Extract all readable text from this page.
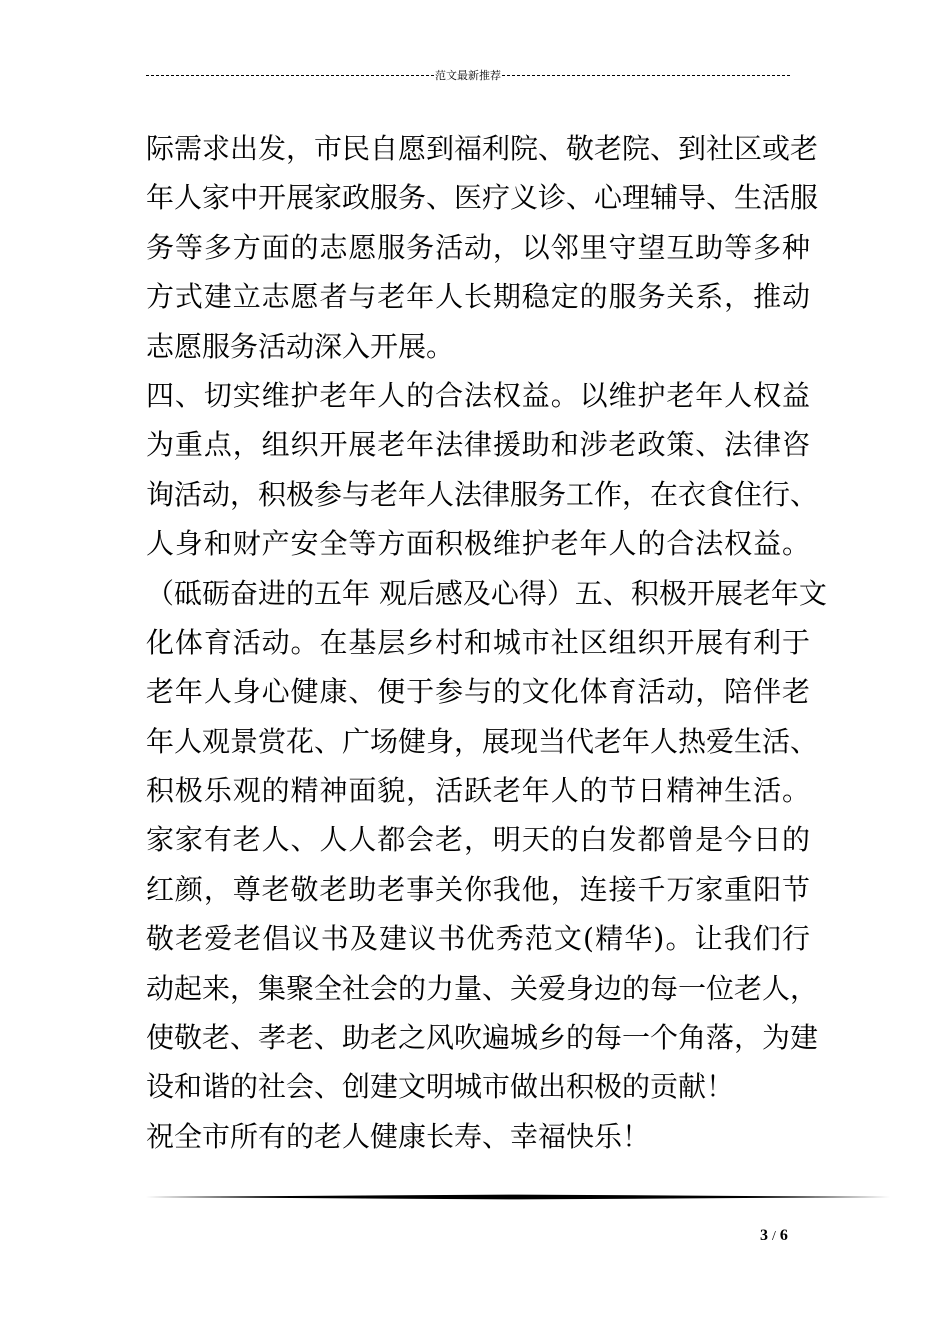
范文最新推荐
际需求出发，市民自愿到福利院、敬老院、到社区或老
年人家中开展家政服务、医疗义诊、心理辅导、生活服
务等多方面的志愿服务活动，以邻里守望互助等多种
方式建立志愿者与老年人长期稳定的服务关系，推动
志愿服务活动深入开展。
四、切实维护老年人的合法权益。以维护老年人权益
为重点，组织开展老年法律援助和涉老政策、法律咨
询活动，积极参与老年人法律服务工作，在衣食住行、
人身和财产安全等方面积极维护老年人的合法权益。
（砥砺奋进的五年 观后感及心得）五、积极开展老年文
化体育活动。在基层乡村和城市社区组织开展有利于
老年人身心健康、便于参与的文化体育活动，陪伴老
年人观景赏花、广场健身，展现当代老年人热爱生活、
积极乐观的精神面貌，活跃老年人的节日精神生活。
家家有老人、人人都会老，明天的白发都曾是今日的
红颜，尊老敬老助老事关你我他，连接千万家重阳节
敬老爱老倡议书及建议书优秀范文(精华)。让我们行
动起来，集聚全社会的力量、关爱身边的每一位老人，
使敬老、孝老、助老之风吹遍城乡的每一个角落，为建
设和谐的社会、创建文明城市做出积极的贡献！
祝全市所有的老人健康长寿、幸福快乐！
3 / 6
